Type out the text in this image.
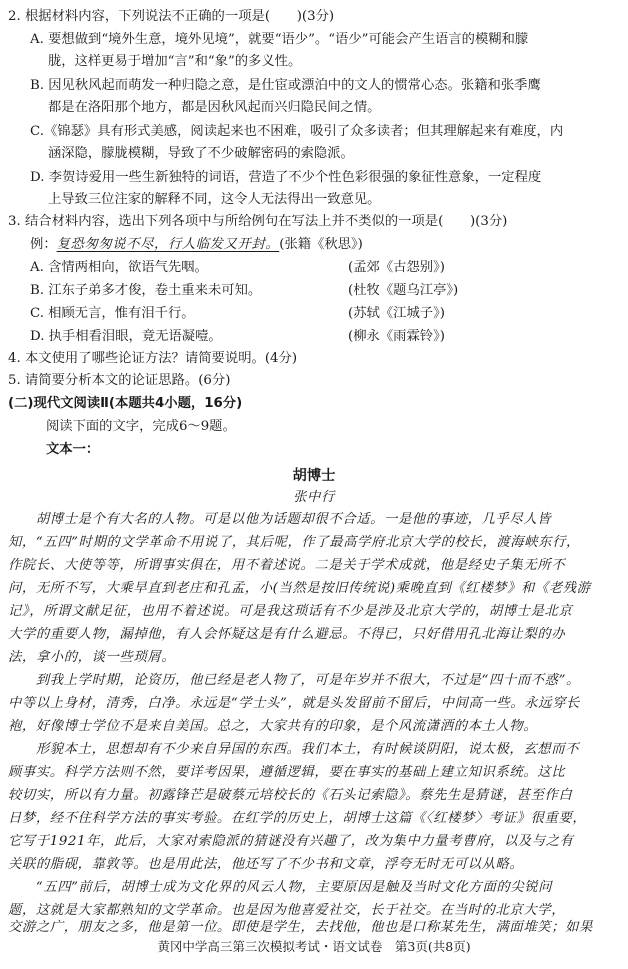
2. 根据材料内容，下列说法不正确的一项是(　　)(3分)
A. 要想做到“境外生意，境外见境”，就要“语少”。“语少”可能会产生语言的模糊和朦
胧，这样更易于增加“言”和“象”的多义性。
B. 因见秋风起而萌发一种归隐之意，是仕宦或漂泊中的文人的惯常心态。张籍和张季鹰
都是在洛阳那个地方，都是因秋风起而兴归隐民间之情。
C.《锦瑟》具有形式美感，阅读起来也不困难，吸引了众多读者；但其理解起来有难度，内
涵深隐，朦胧模糊，导致了不少破解密码的索隐派。
D. 李贺诗爱用一些生新独特的词语，营造了不少个性色彩很强的象征性意象，一定程度
上导致三位注家的解释不同，这令人无法得出一致意见。
3. 结合材料内容，选出下列各项中与所给例句在写法上并不类似的一项是(　　)(3分)
例：复恐匆匆说不尽，行人临发又开封。(张籍《秋思》)
A. 含情两相向，欲语气先咽。	(孟郊《古怨别》)
B. 江东子弟多才俊，卷土重来未可知。	(杜牧《题乌江亭》)
C. 相顾无言，惟有泪千行。	(苏轼《江城子》)
D. 执手相看泪眼，竟无语凝噎。	(柳永《雨霖铃》)
4. 本文使用了哪些论证方法？请简要说明。(4分)
5. 请简要分析本文的论证思路。(6分)
(二)现代文阅读Ⅱ(本题共4小题，16分)
阅读下面的文字，完成6～9题。
文本一：
胡博士
张中行
　　胡博士是个有大名的人物。可是以他为话题却很不合适。一是他的事迹，几乎尽人皆
知，“五四”时期的文学革命不用说了，其后呢，作了最高学府北京大学的校长，渡海峡东行，
作院长、大使等等，所谓事实俱在，用不着述说。二是关于学术成就，他是经史子集无所不
问，无所不写，大乘早直到老庄和孔孟，小(当然是按旧传统说)乘晚直到《红楼梦》和《老残游
记》，所谓文献足征，也用不着述说。可是我这琐话有不少是涉及北京大学的，胡博士是北京
大学的重要人物，漏掉他，有人会怀疑这是有什么避忌。不得已，只好借用孔北海让梨的办
法，拿小的，谈一些琐屑。
　　到我上学时期，论资历，他已经是老人物了，可是年岁并不很大，不过是“四十而不惑”。
中等以上身材，清秀，白净。永远是“学士头”，就是头发留前不留后，中间高一些。永远穿长
袍，好像博士学位不是来自美国。总之，大家共有的印象，是个风流潇洒的本土人物。
　　形貌本土，思想却有不少来自异国的东西。我们本土，有时候谈阴阳，说太极，玄想而不
顾事实。科学方法则不然，要详考因果，遵循逻辑，要在事实的基础上建立知识系统。这比
较切实，所以有力量。初露锋芒是破蔡元培校长的《石头记索隐》。蔡先生是猜谜，甚至作白
日梦，经不住科学方法的事实考验。在红学的历史上，胡博士这篇《〈红楼梦〉考证》很重要，
它写于1921年，此后，大家对索隐派的猜谜没有兴趣了，改为集中力量考曹府，以及与之有
关联的脂砚，靠敦等。也是用此法，他还写了不少书和文章，浮夸无时无可以从略。
　　“五四”前后，胡博士成为文化界的风云人物，主要原因是触及当时文化方面的尖锐问
题，这就是大家都熟知的文学革命。也是因为他喜爱社交，长于社交。在当时的北京大学，
交游之广，朋友之多，他是第一位。即使是学生，去找他，他也是口称某先生，满面堆笑；如果
黄冈中学高三第三次模拟考试・语文试卷　第3页(共8页)
